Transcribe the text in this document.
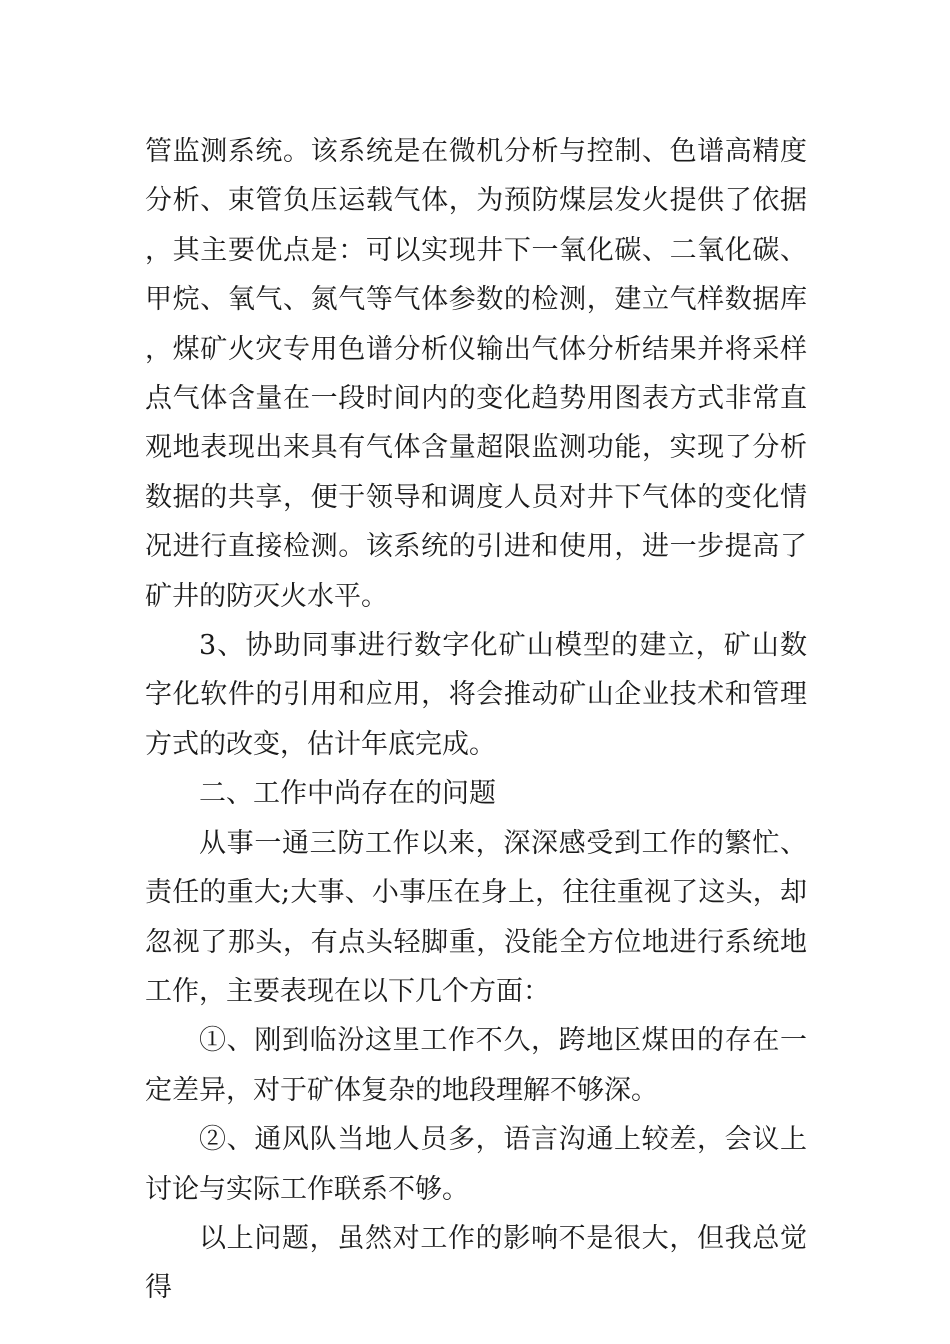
管监测系统。该系统是在微机分析与控制、色谱高精度分析、束管负压运载气体，为预防煤层发火提供了依据，其主要优点是：可以实现井下一氧化碳、二氧化碳、甲烷、氧气、氮气等气体参数的检测，建立气样数据库，煤矿火灾专用色谱分析仪输出气体分析结果并将采样点气体含量在一段时间内的变化趋势用图表方式非常直观地表现出来具有气体含量超限监测功能，实现了分析数据的共享，便于领导和调度人员对井下气体的变化情况进行直接检测。该系统的引进和使用，进一步提高了矿井的防灭火水平。

3、协助同事进行数字化矿山模型的建立，矿山数字化软件的引用和应用，将会推动矿山企业技术和管理方式的改变，估计年底完成。

二、工作中尚存在的问题

从事一通三防工作以来，深深感受到工作的繁忙、责任的重大;大事、小事压在身上，往往重视了这头，却忽视了那头，有点头轻脚重，没能全方位地进行系统地工作，主要表现在以下几个方面：

①、刚到临汾这里工作不久，跨地区煤田的存在一定差异，对于矿体复杂的地段理解不够深。

②、通风队当地人员多，语言沟通上较差，会议上讨论与实际工作联系不够。

以上问题，虽然对工作的影响不是很大，但我总觉得
